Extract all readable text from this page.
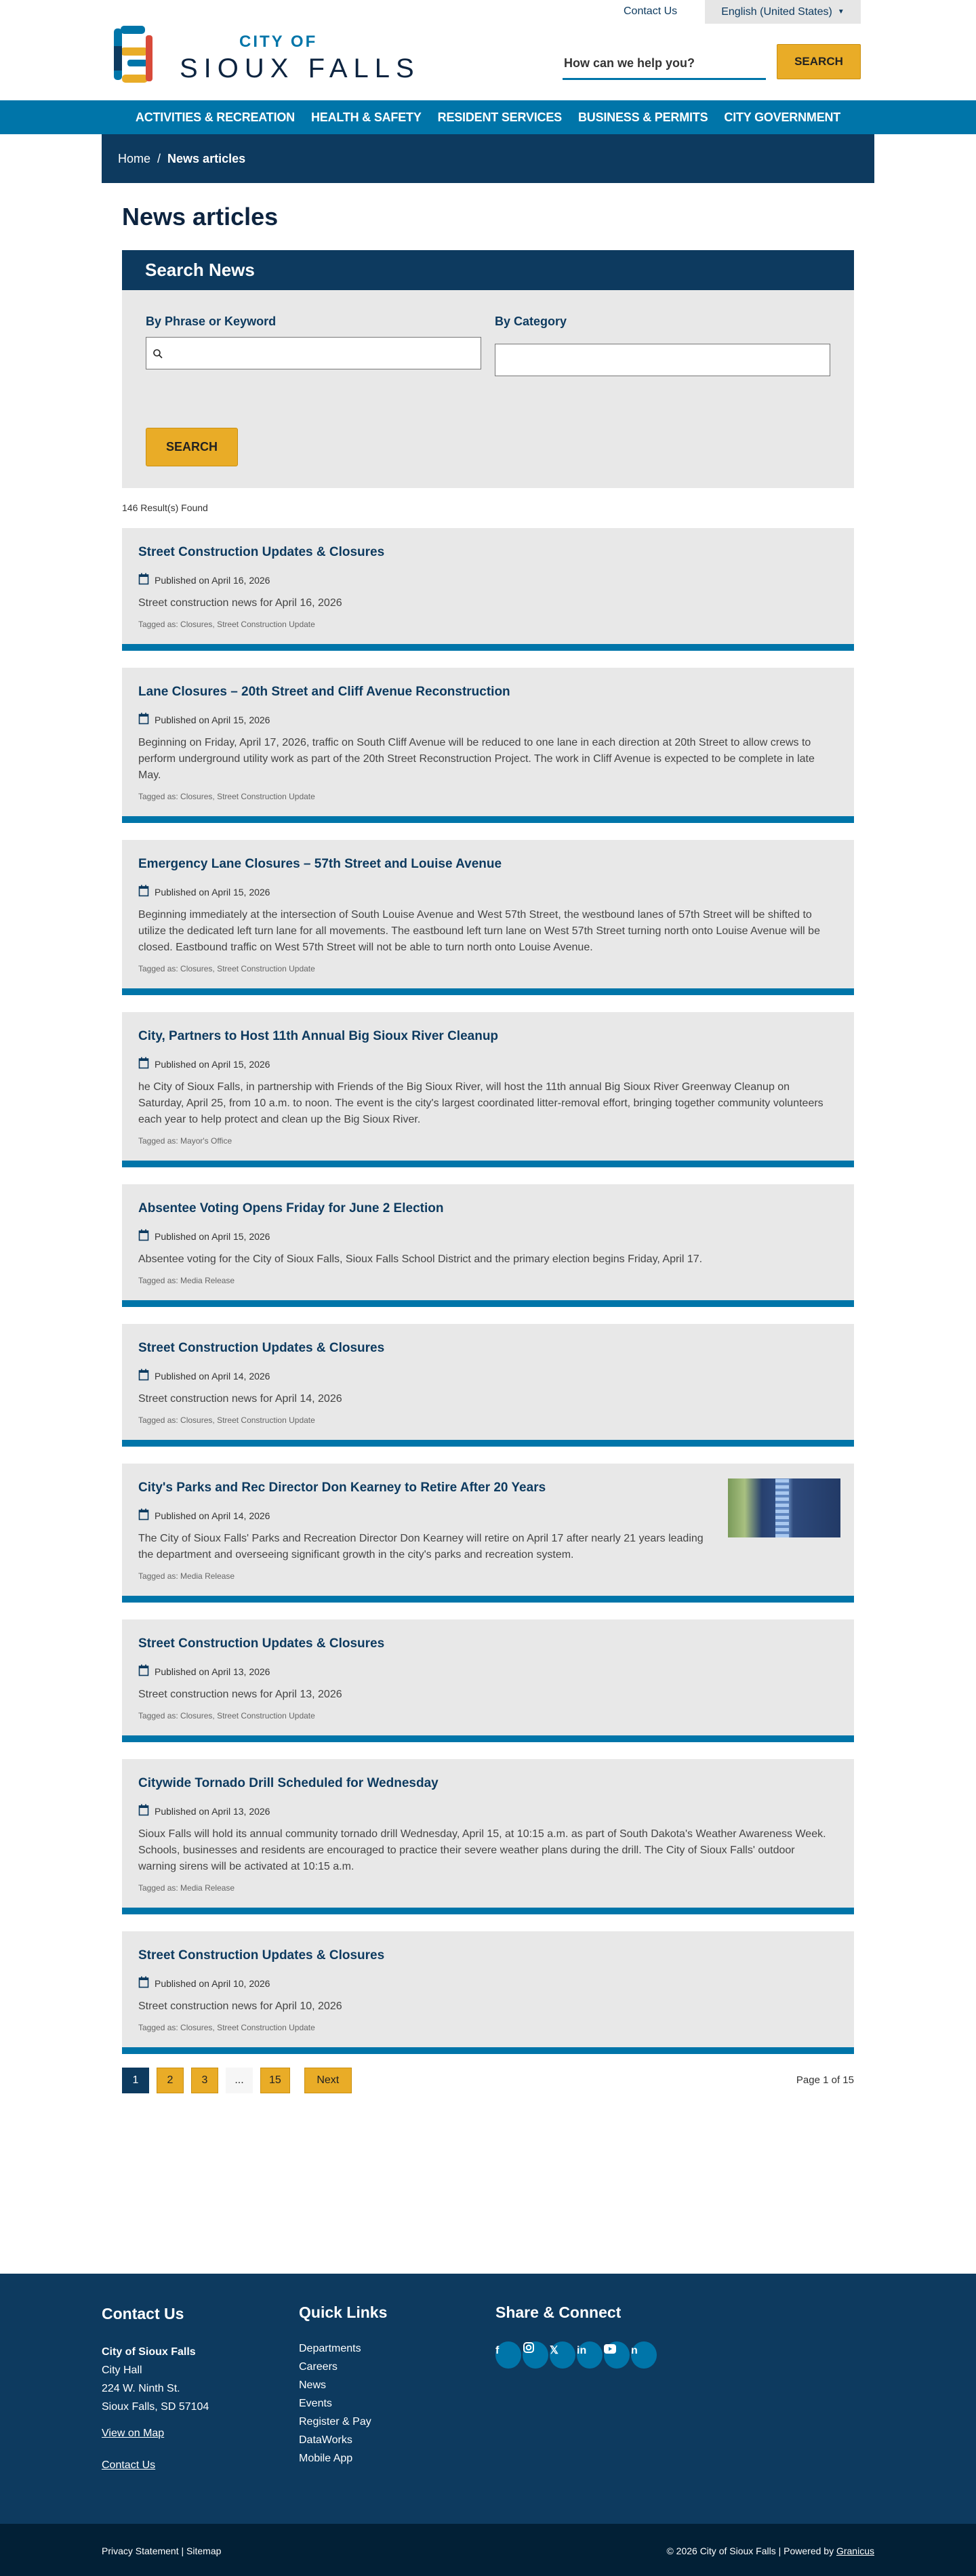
Contact Us	English (United States) ▼
CITY OF
SIOUX FALLS
How can we help you?	SEARCH
ACTIVITIES & RECREATION HEALTH & SAFETY RESIDENT SERVICES BUSINESS & PERMITS CITY GOVERNMENT
Home / News articles
News articles
Search News
By Phrase or Keyword	By Category
SEARCH
146 Result(s) Found
Street Construction Updates & Closures
Published on April 16, 2026
Street construction news for April 16, 2026
Tagged as: Closures, Street Construction Update
Lane Closures – 20th Street and Cliff Avenue Reconstruction
Published on April 15, 2026
Beginning on Friday, April 17, 2026, traffic on South Cliff Avenue will be reduced to one lane in each direction at 20th Street to allow crews to perform underground utility work as part of the 20th Street Reconstruction Project. The work in Cliff Avenue is expected to be complete in late May.
Tagged as: Closures, Street Construction Update
Emergency Lane Closures – 57th Street and Louise Avenue
Published on April 15, 2026
Beginning immediately at the intersection of South Louise Avenue and West 57th Street, the westbound lanes of 57th Street will be shifted to utilize the dedicated left turn lane for all movements. The eastbound left turn lane on West 57th Street turning north onto Louise Avenue will be closed. Eastbound traffic on West 57th Street will not be able to turn north onto Louise Avenue.
Tagged as: Closures, Street Construction Update
City, Partners to Host 11th Annual Big Sioux River Cleanup
Published on April 15, 2026
he City of Sioux Falls, in partnership with Friends of the Big Sioux River, will host the 11th annual Big Sioux River Greenway Cleanup on Saturday, April 25, from 10 a.m. to noon. The event is the city's largest coordinated litter-removal effort, bringing together community volunteers each year to help protect and clean up the Big Sioux River.
Tagged as: Mayor's Office
Absentee Voting Opens Friday for June 2 Election
Published on April 15, 2026
Absentee voting for the City of Sioux Falls, Sioux Falls School District and the primary election begins Friday, April 17.
Tagged as: Media Release
Street Construction Updates & Closures
Published on April 14, 2026
Street construction news for April 14, 2026
Tagged as: Closures, Street Construction Update
City's Parks and Rec Director Don Kearney to Retire After 20 Years
Published on April 14, 2026
The City of Sioux Falls' Parks and Recreation Director Don Kearney will retire on April 17 after nearly 21 years leading the department and overseeing significant growth in the city's parks and recreation system.
Tagged as: Media Release
Street Construction Updates & Closures
Published on April 13, 2026
Street construction news for April 13, 2026
Tagged as: Closures, Street Construction Update
Citywide Tornado Drill Scheduled for Wednesday
Published on April 13, 2026
Sioux Falls will hold its annual community tornado drill Wednesday, April 15, at 10:15 a.m. as part of South Dakota's Weather Awareness Week. Schools, businesses and residents are encouraged to practice their severe weather plans during the drill. The City of Sioux Falls' outdoor warning sirens will be activated at 10:15 a.m.
Tagged as: Media Release
Street Construction Updates & Closures
Published on April 10, 2026
Street construction news for April 10, 2026
Tagged as: Closures, Street Construction Update
1	2	3	...	15	Next	Page 1 of 15
Contact Us	Quick Links	Share & Connect
City of Sioux Falls
City Hall
224 W. Ninth St.
Sioux Falls, SD 57104
View on Map
Contact Us
Departments
Careers
News
Events
Register & Pay
DataWorks
Mobile App
f	𝕏	in	n
Privacy Statement | Sitemap	© 2026 City of Sioux Falls | Powered by Granicus
